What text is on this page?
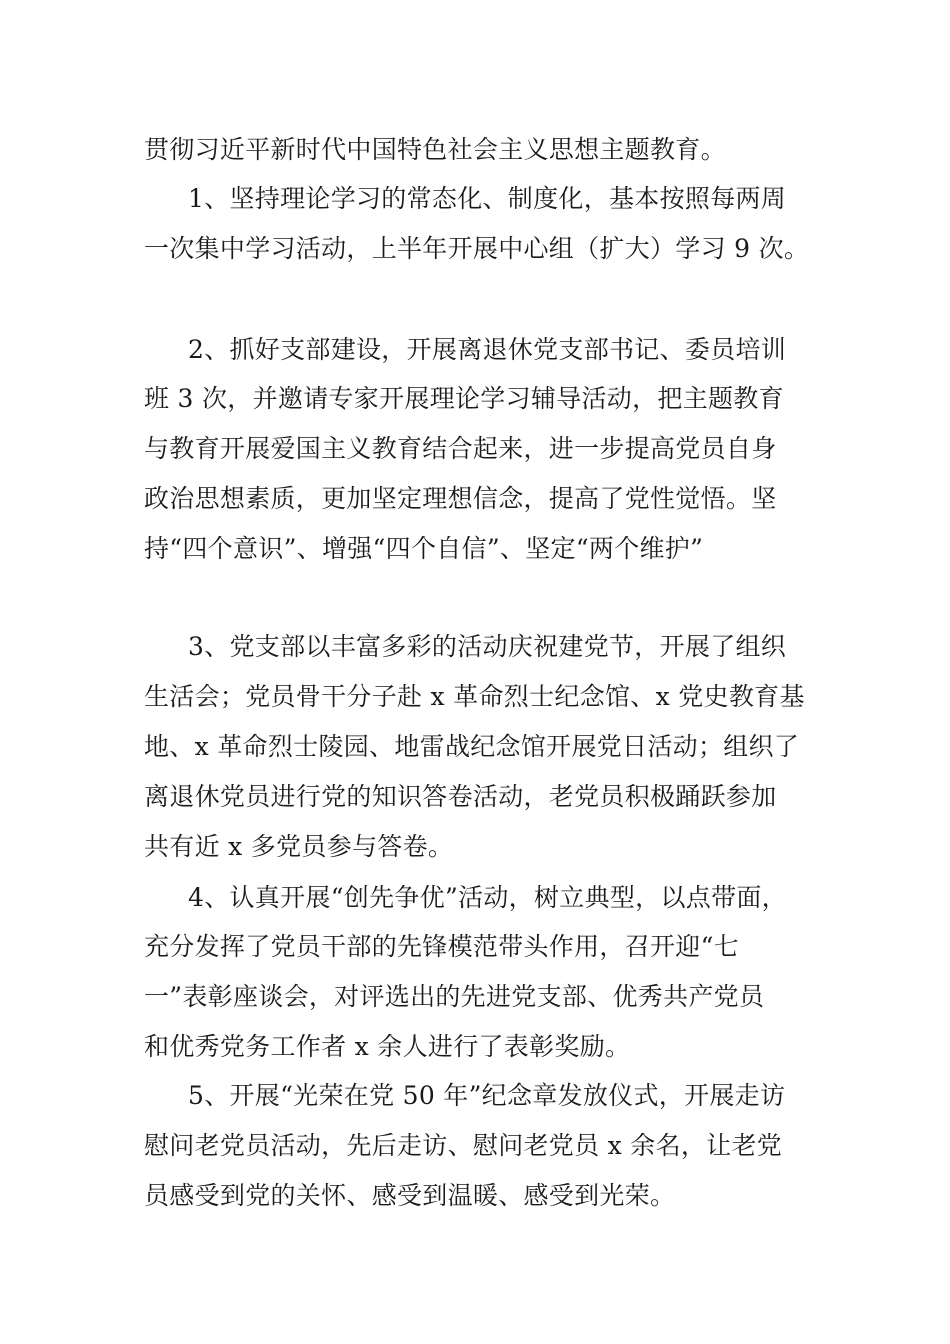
贯彻习近平新时代中国特色社会主义思想主题教育。
1、坚持理论学习的常态化、制度化，基本按照每两周
一次集中学习活动，上半年开展中心组（扩大）学习 9 次。
2、抓好支部建设，开展离退休党支部书记、委员培训
班 3 次，并邀请专家开展理论学习辅导活动，把主题教育
与教育开展爱国主义教育结合起来，进一步提高党员自身
政治思想素质，更加坚定理想信念，提高了党性觉悟。坚
持“四个意识”、增强“四个自信”、坚定“两个维护”
3、党支部以丰富多彩的活动庆祝建党节，开展了组织
生活会；党员骨干分子赴 x 革命烈士纪念馆、x 党史教育基
地、x 革命烈士陵园、地雷战纪念馆开展党日活动；组织了
离退休党员进行党的知识答卷活动，老党员积极踊跃参加
共有近 x 多党员参与答卷。
4、认真开展“创先争优”活动，树立典型，以点带面，
充分发挥了党员干部的先锋模范带头作用，召开迎“七
一”表彰座谈会，对评选出的先进党支部、优秀共产党员
和优秀党务工作者 x 余人进行了表彰奖励。
5、开展“光荣在党 50 年”纪念章发放仪式，开展走访
慰问老党员活动，先后走访、慰问老党员 x 余名，让老党
员感受到党的关怀、感受到温暖、感受到光荣。
